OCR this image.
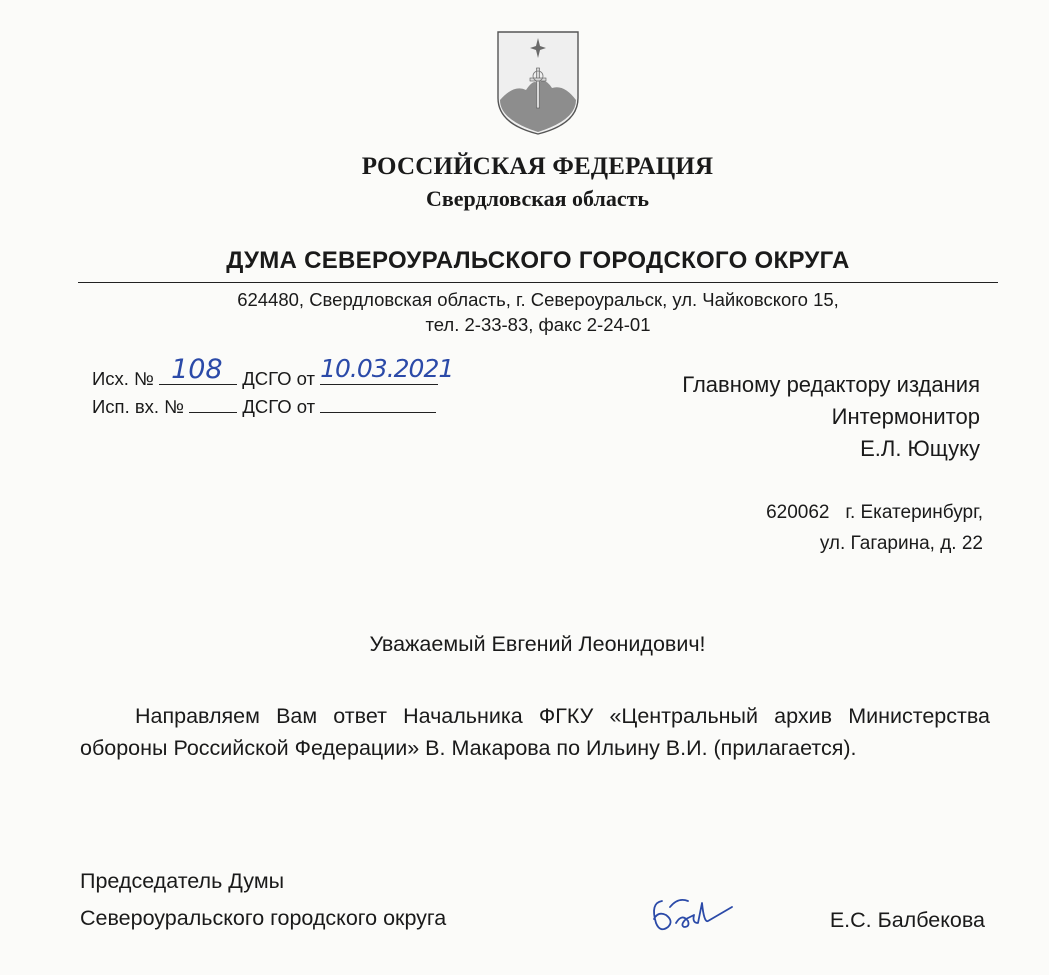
РОССИЙСКАЯ ФЕДЕРАЦИЯ
Свердловская область
ДУМА СЕВЕРОУРАЛЬСКОГО ГОРОДСКОГО ОКРУГА
624480, Свердловская область, г. Североуральск, ул. Чайковского 15,
тел. 2-33-83, факс 2-24-01
Исх. № 108 ДСГО от 10.03.2021
Исп. вх. №	ДСГО от
Главному редактору издания
Интермонитор
Е.Л. Ющуку
620062   г. Екатеринбург,
ул. Гагарина, д. 22
Уважаемый Евгений Леонидович!
Направляем Вам ответ Начальника ФГКУ «Центральный архив Министерства обороны Российской Федерации» В. Макарова по Ильину В.И. (прилагается).
Председатель Думы
Североуральского городского округа	Е.С. Балбекова
